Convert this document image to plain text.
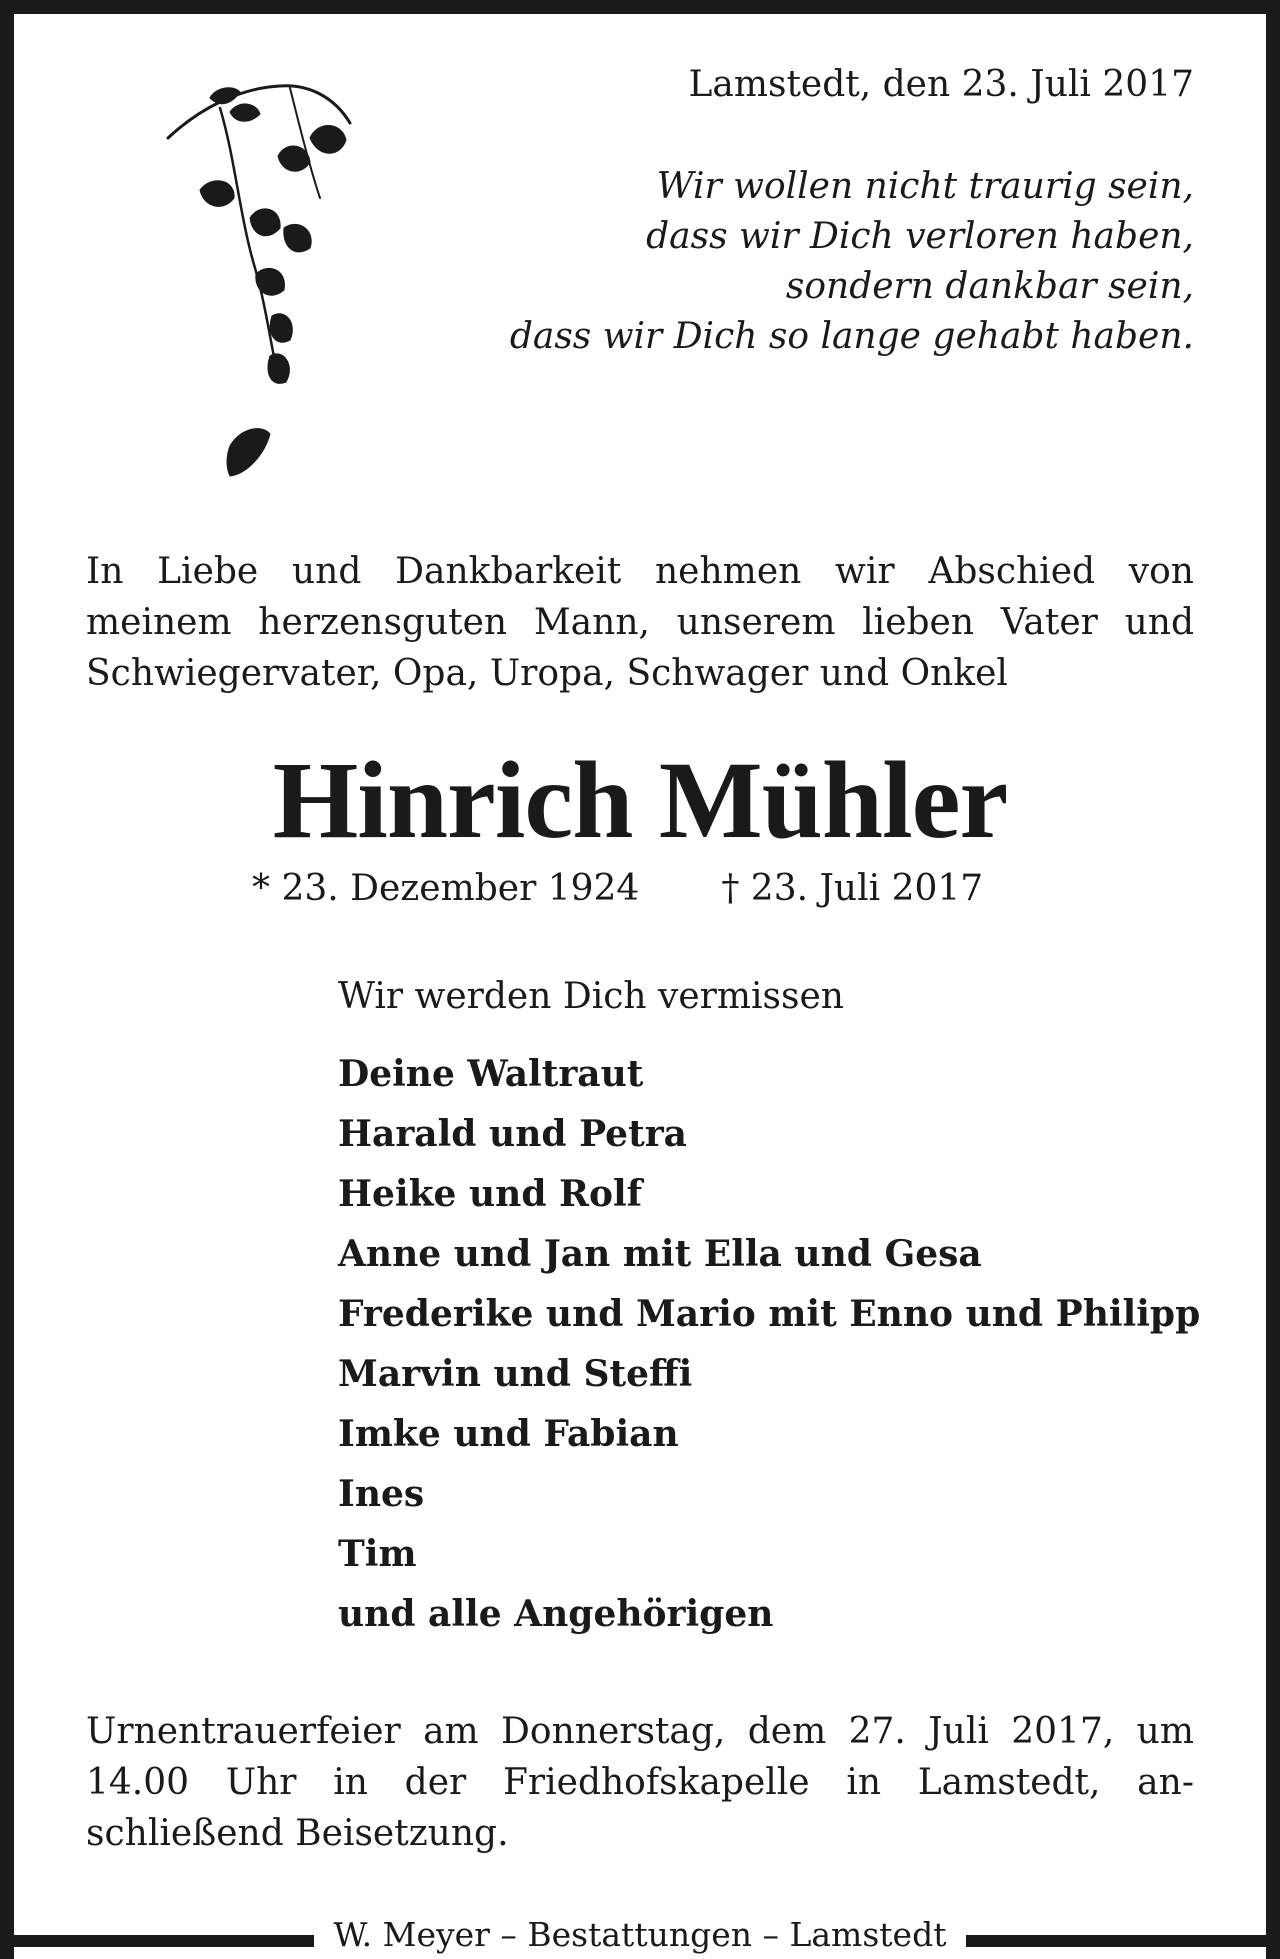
Lamstedt, den 23. Juli 2017
Wir wollen nicht traurig sein,
dass wir Dich verloren haben,
sondern dankbar sein,
dass wir Dich so lange gehabt haben.
In Liebe und Dankbarkeit nehmen wir Abschied von
meinem herzensguten Mann, unserem lieben Vater und
Schwiegervater, Opa, Uropa, Schwager und Onkel
Hinrich Mühler
* 23. Dezember 1924 † 23. Juli 2017
Wir werden Dich vermissen
Deine Waltraut
Harald und Petra
Heike und Rolf
Anne und Jan mit Ella und Gesa
Frederike und Mario mit Enno und Philipp
Marvin und Steffi
Imke und Fabian
Ines
Tim
und alle Angehörigen
Urnentrauerfeier am Donnerstag, dem 27. Juli 2017, um
14.00 Uhr in der Friedhofskapelle in Lamstedt, an-
schließend Beisetzung.
W. Meyer – Bestattungen – Lamstedt
